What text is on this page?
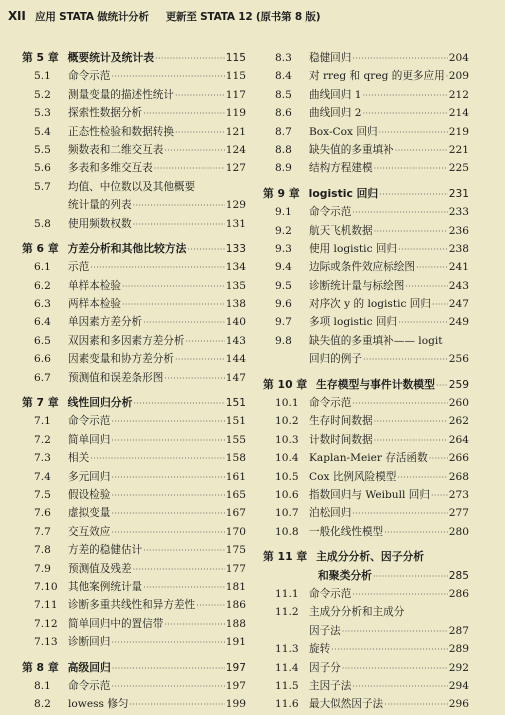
XII 应用 STATA 做统计分析 更新至 STATA 12 (原书第 8 版)
第 5 章 概要统计及统计表 ·····	115
5.1	命令示范 ·····	115
5.2	测量变量的描述性统计 ·····	117
5.3	探索性数据分析 ·····	119
5.4	正态性检验和数据转换 ·····	121
5.5	频数表和二维交互表 ·····	124
5.6	多表和多维交互表 ·····	127
5.7	均值、中位数以及其他概要
统计量的列表 ·····	129
5.8	使用频数权数 ·····	131
第 6 章 方差分析和其他比较方法 ·····	133
6.1	示范 ·····	134
6.2	单样本检验 ·····	135
6.3	两样本检验 ·····	138
6.4	单因素方差分析 ·····	140
6.5	双因素和多因素方差分析 ·····	143
6.6	因素变量和协方差分析 ·····	144
6.7	预测值和误差条形图 ·····	147
第 7 章 线性回归分析 ·····	151
7.1	命令示范 ·····	151
7.2	简单回归 ·····	155
7.3	相关 ·····	158
7.4	多元回归 ·····	161
7.5	假设检验 ·····	165
7.6	虚拟变量 ·····	167
7.7	交互效应 ·····	170
7.8	方差的稳健估计 ·····	175
7.9	预测值及残差 ·····	177
7.10 其他案例统计量 ·····	181
7.11 诊断多重共线性和异方差性 ·····	186
7.12 简单回归中的置信带 ·····	188
7.13 诊断回归 ·····	191
第 8 章 高级回归 ·····	197
8.1	命令示范 ·····	197
8.2	lowess 修匀 ·····	199
8.3	稳健回归 ·····	204
8.4	对 rreg 和 qreg 的更多应用 ····· 209
8.5	曲线回归 1 ·····	212
8.6	曲线回归 2 ·····	214
8.7	Box-Cox 回归 ·····	219
8.8	缺失值的多重填补 ·····	221
8.9	结构方程建模 ·····	225
第 9 章 logistic 回归 ·····	231
9.1	命令示范 ·····	233
9.2	航天飞机数据 ·····	236
9.3	使用 logistic 回归 ·····	238
9.4	边际或条件效应标绘图 ·····	241
9.5	诊断统计量与标绘图 ·····	243
9.6	对序次 y 的 logistic 回归 ····· 247
9.7	多项 logistic 回归 ·····	249
9.8	缺失值的多重填补—— logit
回归的例子 ·····	256
第 10 章 生存模型与事件计数模型 ····· 259
10.1 命令示范 ·····	260
10.2 生存时间数据 ·····	262
10.3 计数时间数据 ·····	264
10.4 Kaplan-Meier 存活函数 ····· 266
10.5 Cox 比例风险模型 ·····	268
10.6 指数回归与 Weibull 回归 ····· 273
10.7 泊松回归 ·····	277
10.8 一般化线性模型 ·····	280
第 11 章 主成分分析、因子分析
和聚类分析 ·····	285
11.1 命令示范 ·····	286
11.2 主成分分析和主成分
因子法 ·····	287
11.3 旋转 ·····	289
11.4 因子分 ·····	292
11.5 主因子法 ·····	294
11.6 最大似然因子法 ·····	296
